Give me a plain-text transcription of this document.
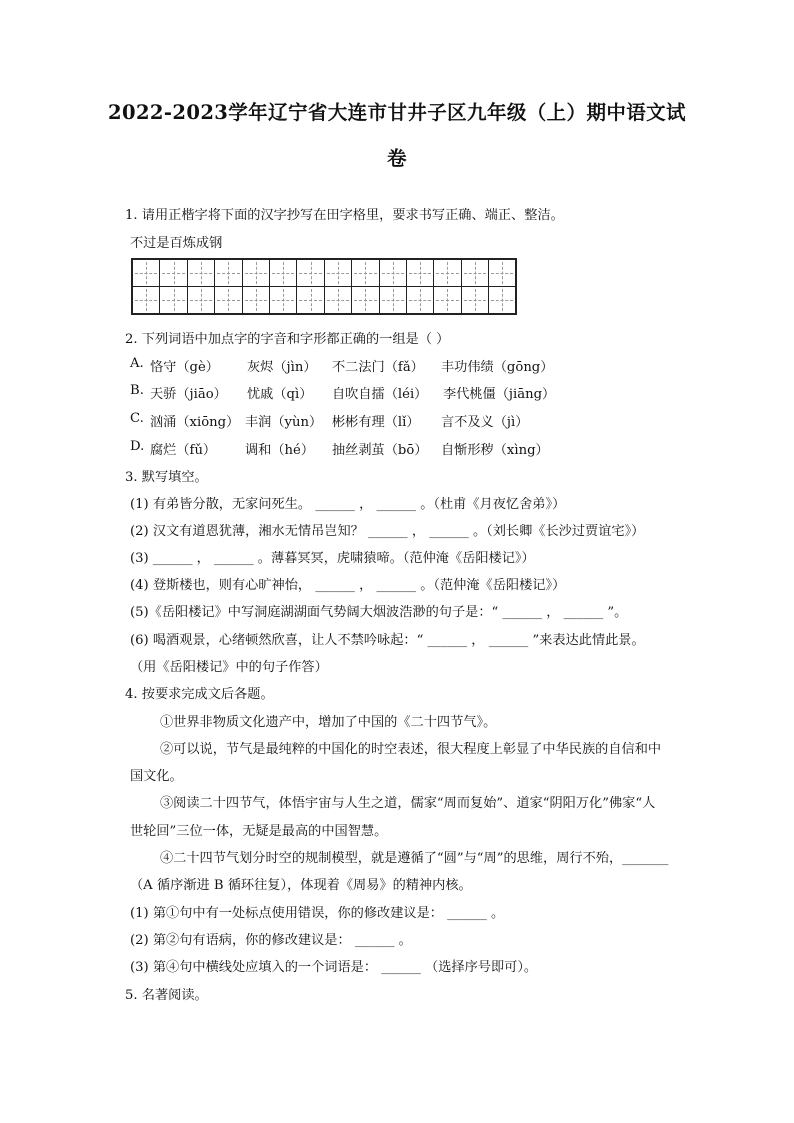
2022-2023学年辽宁省大连市甘井子区九年级（上）期中语文试
卷
1. 请用正楷字将下面的汉字抄写在田字格里，要求书写正确、端正、整洁。
不过是百炼成钢

2. 下列词语中加点字的字音和字形都正确的一组是（ ）
A. 恪守（gè） 灰烬（jìn） 不二法门（fǎ） 丰功伟绩（gōng）
B. 天骄（jiāo） 忧戚（qì） 自吹自擂（léi） 李代桃僵（jiāng）
C. 汹涌（xiōng） 丰润（yùn） 彬彬有理（lǐ） 言不及义（jì）
D. 腐烂（fǔ） 调和（hé） 抽丝剥茧（bō） 自惭形秽（xìng）
3. 默写填空。
(1) 有弟皆分散，无家问死生。 ______ ， ______ 。（杜甫《月夜忆舍弟》）
(2) 汉文有道恩犹薄，湘水无情吊岂知？ ______ ， ______ 。（刘长卿《长沙过贾谊宅》）
(3) ______ ， ______ 。薄暮冥冥，虎啸猿啼。（范仲淹《岳阳楼记》）
(4) 登斯楼也，则有心旷神怡， ______ ， ______ 。（范仲淹《岳阳楼记》）
(5)《岳阳楼记》中写洞庭湖湖面气势阔大烟波浩渺的句子是：“ ______ ， ______ ”。
(6) 喝酒观景，心绪顿然欣喜，让人不禁吟咏起：“ ______ ， ______ ”来表达此情此景。
（用《岳阳楼记》中的句子作答）
4. 按要求完成文后各题。
①世界非物质文化遗产中，增加了中国的《二十四节气》。
②可以说，节气是最纯粹的中国化的时空表述，很大程度上彰显了中华民族的自信和中
国文化。
③阅读二十四节气，体悟宇宙与人生之道，儒家“周而复始”、道家“阴阳万化”佛家“人
世轮回”三位一体，无疑是最高的中国智慧。
④二十四节气划分时空的规制模型，就是遵循了“圆”与“周”的思维，周行不殆，_______
（A 循序渐进 B 循环往复），体现着《周易》的精神内核。
(1) 第①句中有一处标点使用错误，你的修改建议是： ______ 。
(2) 第②句有语病，你的修改建议是： ______ 。
(3) 第④句中横线处应填入的一个词语是： ______ （选择序号即可）。
5. 名著阅读。
